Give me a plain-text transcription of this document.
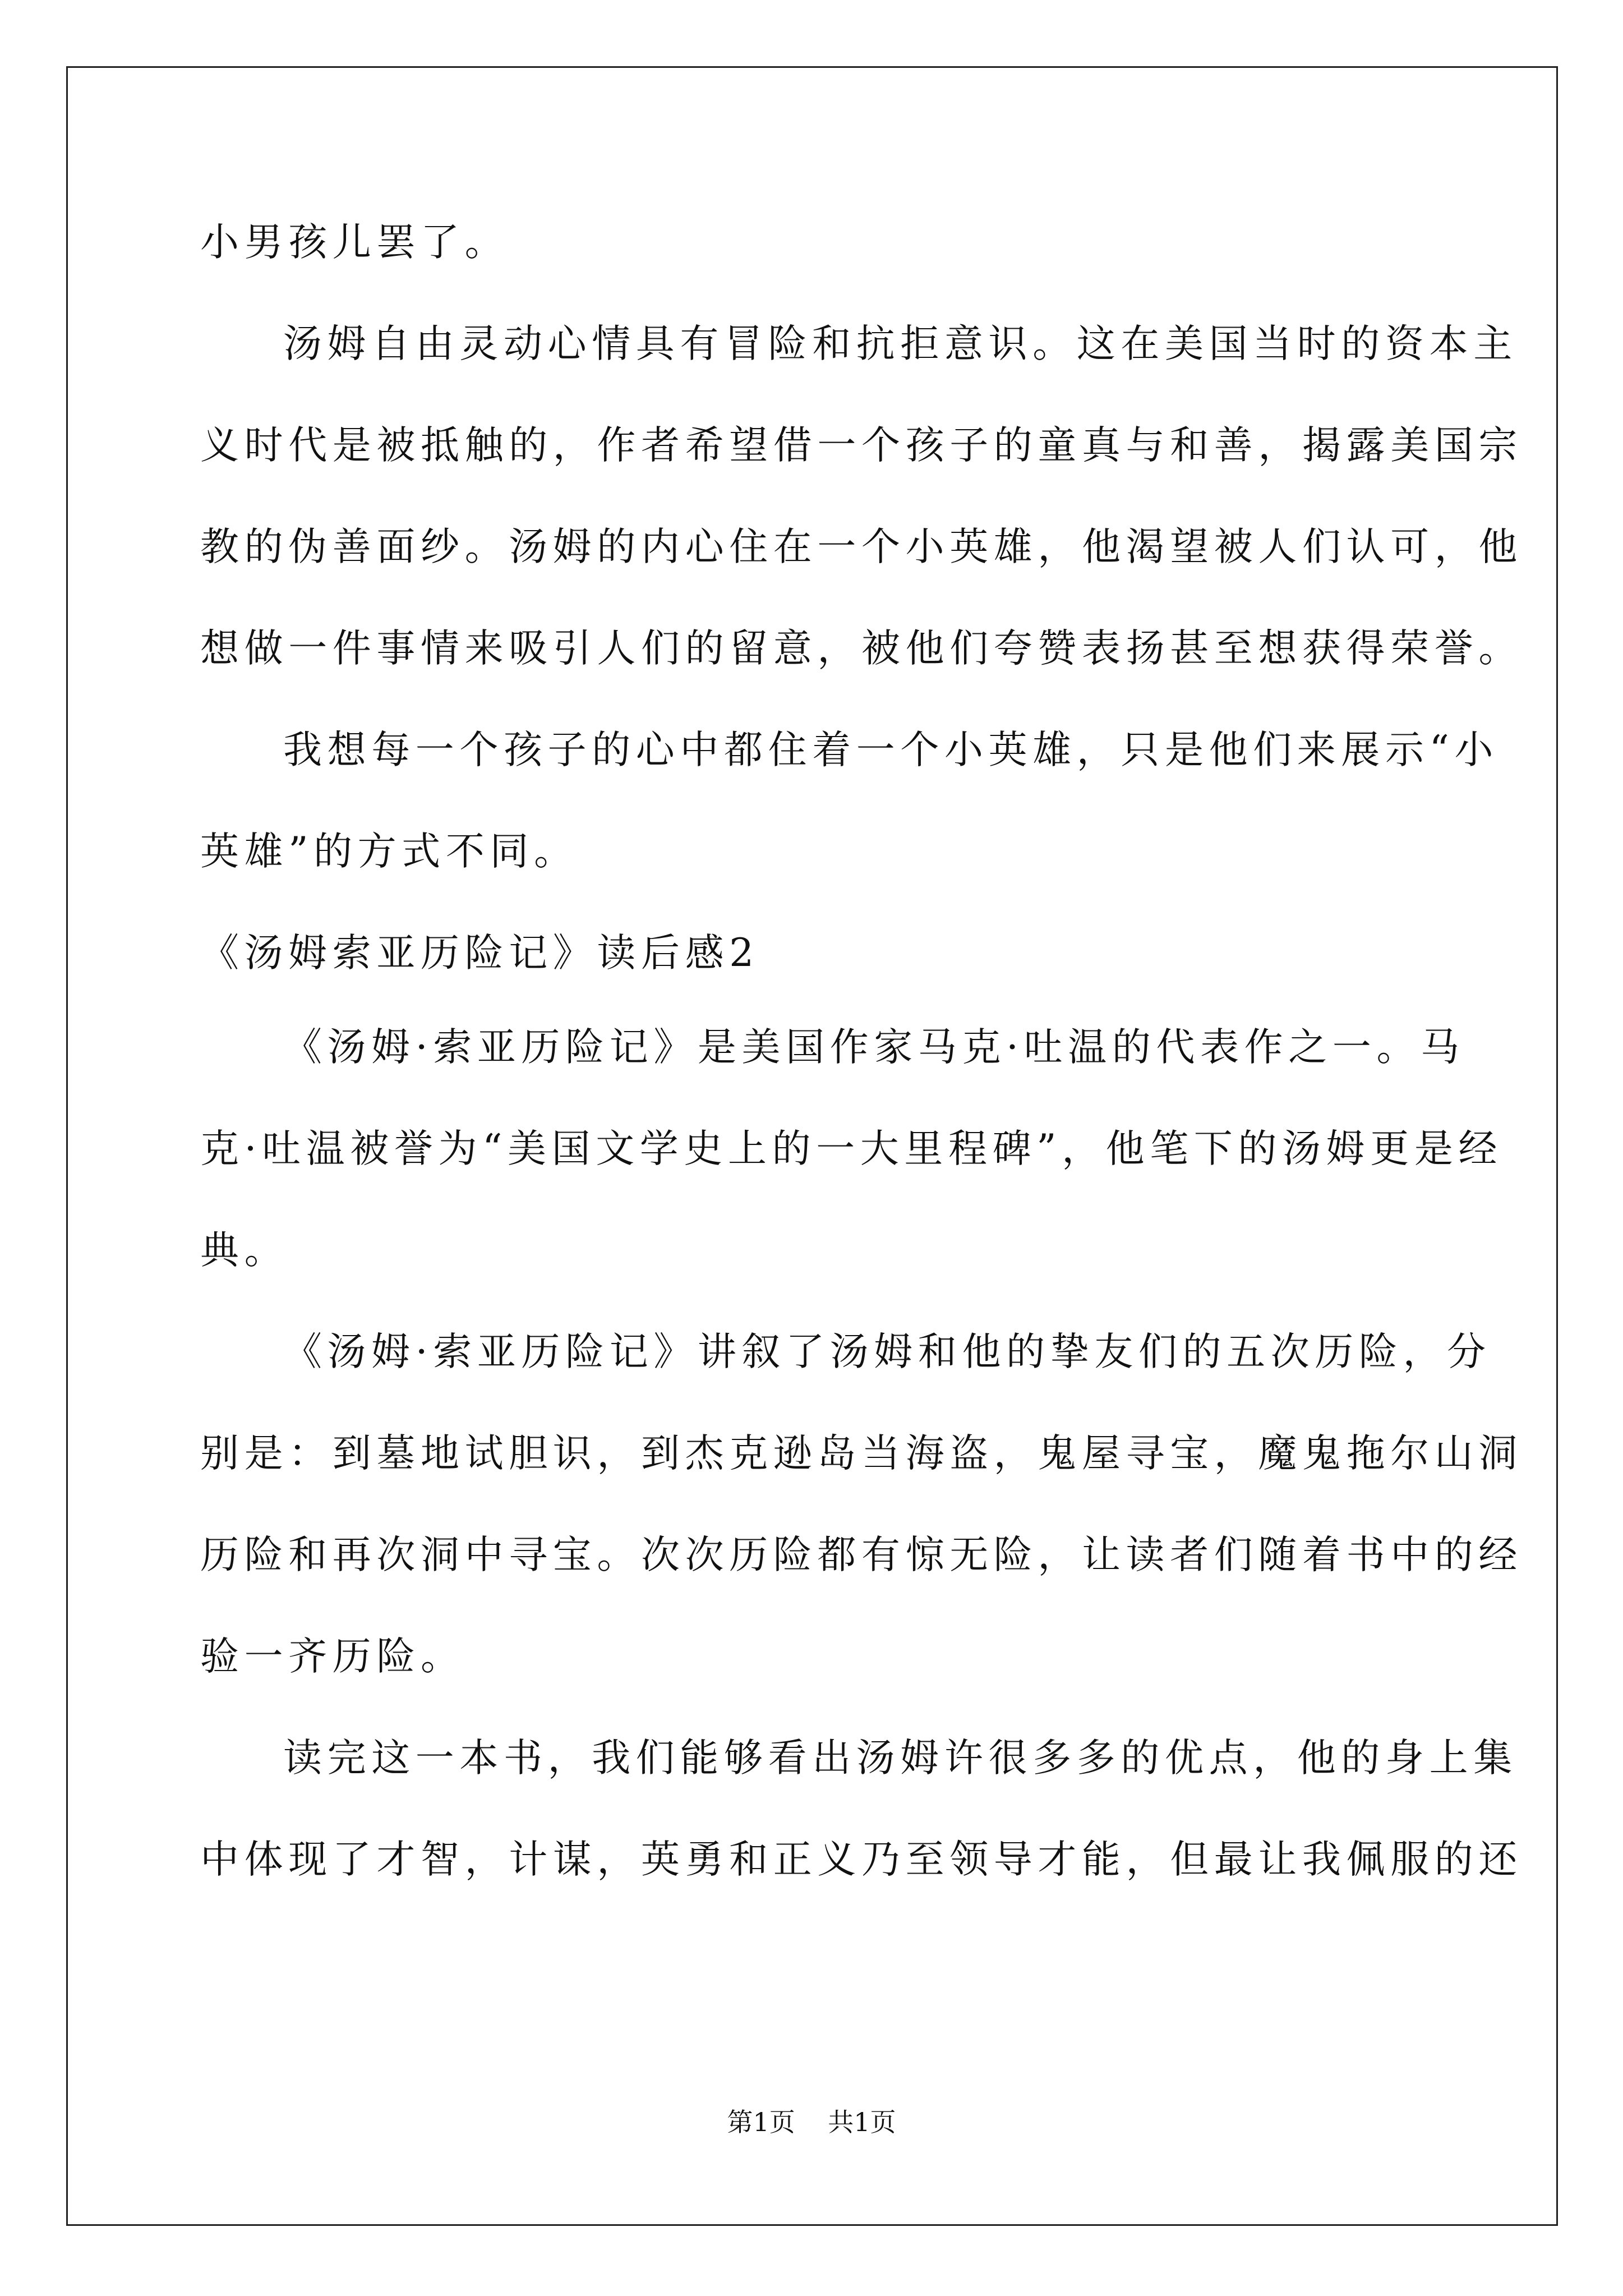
小男孩儿罢了。

汤姆自由灵动心情具有冒险和抗拒意识。这在美国当时的资本主

义时代是被抵触的，作者希望借一个孩子的童真与和善，揭露美国宗

教的伪善面纱。汤姆的内心住在一个小英雄，他渴望被人们认可，他

想做一件事情来吸引人们的留意，被他们夸赞表扬甚至想获得荣誉。

我想每一个孩子的心中都住着一个小英雄，只是他们来展示“小

英雄”的方式不同。

《汤姆索亚历险记》读后感2

《汤姆·索亚历险记》是美国作家马克·吐温的代表作之一。马

克·吐温被誉为“美国文学史上的一大里程碑”，他笔下的汤姆更是经

典。

《汤姆·索亚历险记》讲叙了汤姆和他的挚友们的五次历险，分

别是：到墓地试胆识，到杰克逊岛当海盗，鬼屋寻宝，魔鬼拖尔山洞

历险和再次洞中寻宝。次次历险都有惊无险，让读者们随着书中的经

验一齐历险。

读完这一本书，我们能够看出汤姆许很多多的优点，他的身上集

中体现了才智，计谋，英勇和正义乃至领导才能，但最让我佩服的还

第1页    共1页
